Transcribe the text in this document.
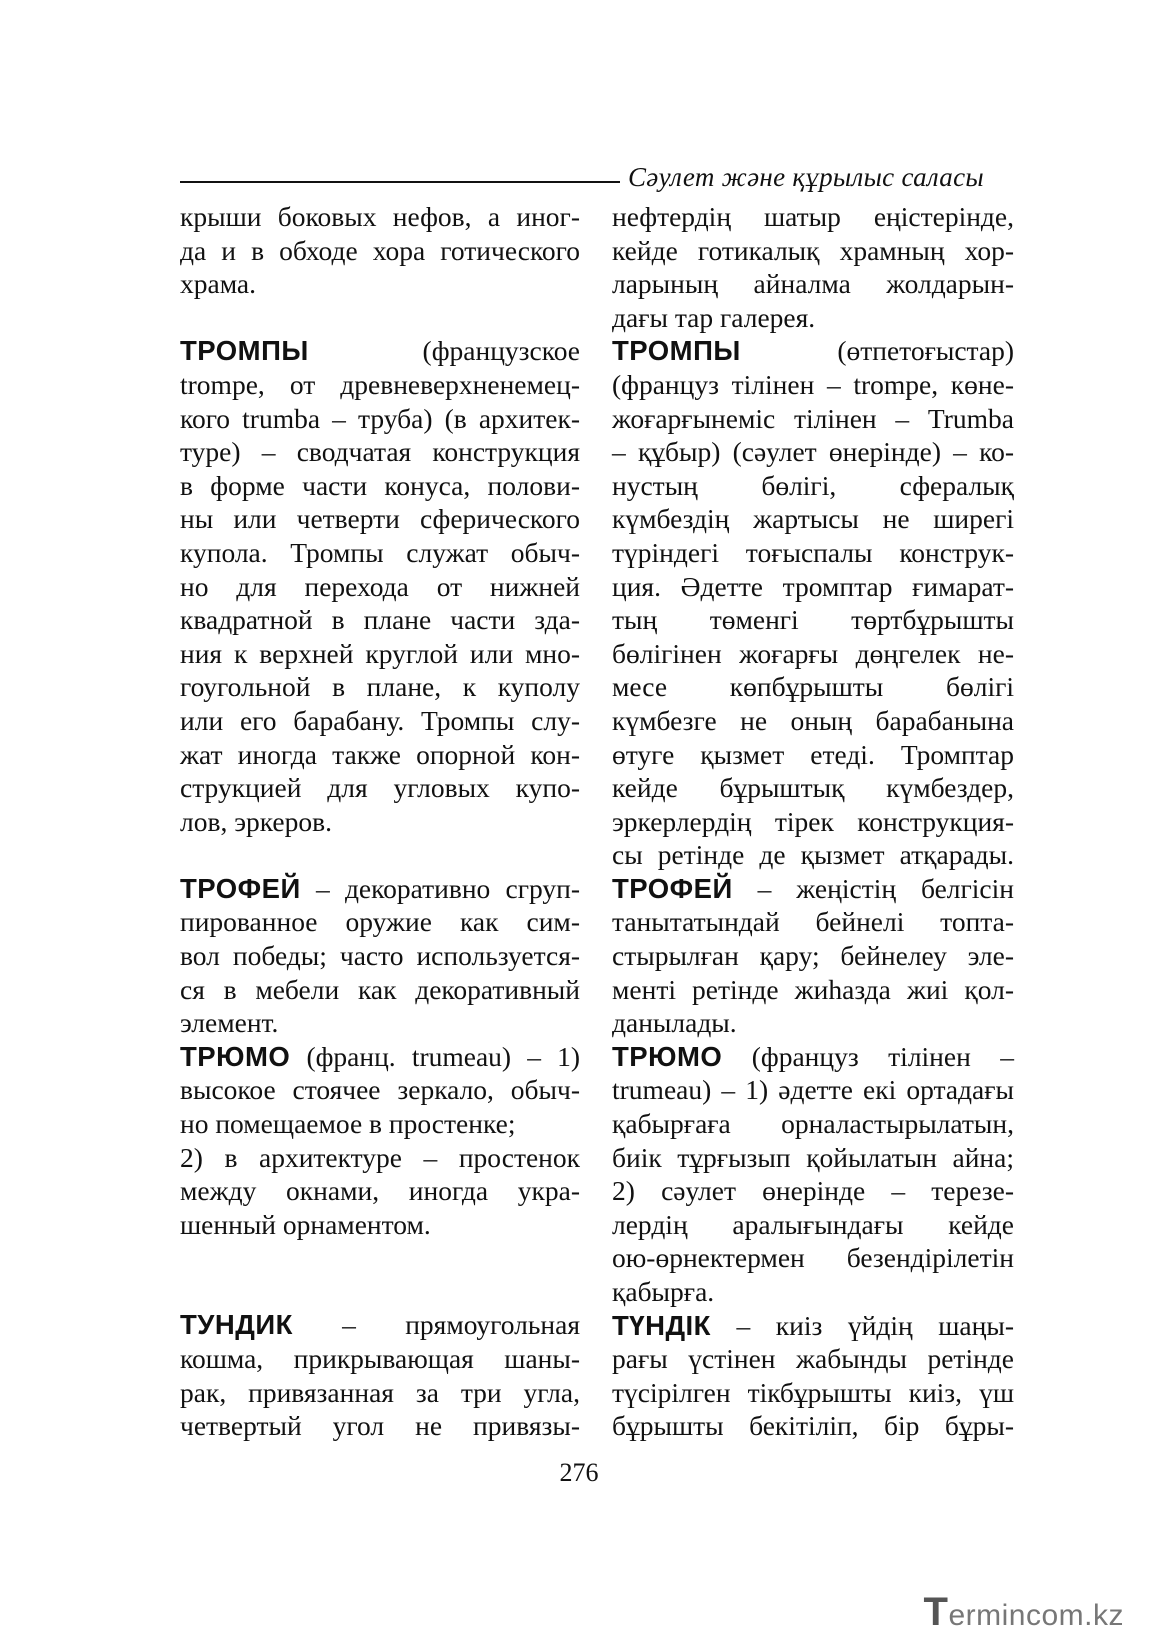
Сәулет және құрылыс саласы
крыши боковых нефов, а иног-
да и в обходе хора готического
храма.
ТРОМПЫ (французское
trompe, от древневерхненемец-
кого trumba – труба) (в архитек-
туре) – сводчатая конструкция
в форме части конуса, полови-
ны или четверти сферического
купола. Тромпы служат обыч-
но для перехода от нижней
квадратной в плане части зда-
ния к верхней круглой или мно-
гоугольной в плане, к куполу
или его барабану. Тромпы слу-
жат иногда также опорной кон-
струкцией для угловых купо-
лов, эркеров.
ТРОФЕЙ – декоративно сгруп-
пированное оружие как сим-
вол победы; часто используется-
ся в мебели как декоративный
элемент.
ТРЮМО (франц. trumeau) – 1)
высокое стоячее зеркало, обыч-
но помещаемое в простенке;
2) в архитектуре – простенок
между окнами, иногда укра-
шенный орнаментом.
ТУНДИК – прямоугольная
кошма, прикрывающая шаны-
рак, привязанная за три угла,
четвертый угол не привязы-
нефтердің шатыр еңістерінде,
кейде готикалық храмның хор-
ларының айналма жолдарын-
дағы тар галерея.
ТРОМПЫ (өтпетоғыстар)
(француз тілінен – trompe, көне-
жоғарғынеміс тілінен – Trumba
– құбыр) (сәулет өнерінде) – ко-
нустың бөлігі, сфералық
күмбездің жартысы не ширегі
түріндегі тоғыспалы конструк-
ция. Әдетте тромптар ғимарат-
тың төменгі төртбұрышты
бөлігінен жоғарғы дөңгелек не-
месе көпбұрышты бөлігі
күмбезге не оның барабанына
өтуге қызмет етеді. Тромптар
кейде бұрыштық күмбездер,
эркерлердің тірек конструкция-
сы ретінде де қызмет атқарады.
ТРОФЕЙ – жеңістің белгісін
танытатындай бейнелі топта-
стырылған қару; бейнелеу эле-
менті ретінде жиһазда жиі қол-
данылады.
ТРЮМО (француз тілінен –
trumeau) – 1) әдетте екі ортадағы
қабырғаға орналастырылатын,
биік тұрғызып қойылатын айна;
2) сәулет өнерінде – терезе-
лердің аралығындағы кейде
ою-өрнектермен безендірілетін
қабырға.
ТҮНДІК – киіз үйдің шаңы-
рағы үстінен жабынды ретінде
түсірілген тікбұрышты киіз, үш
бұрышты бекітіліп, бір бұры-
276
Termincom.kz
